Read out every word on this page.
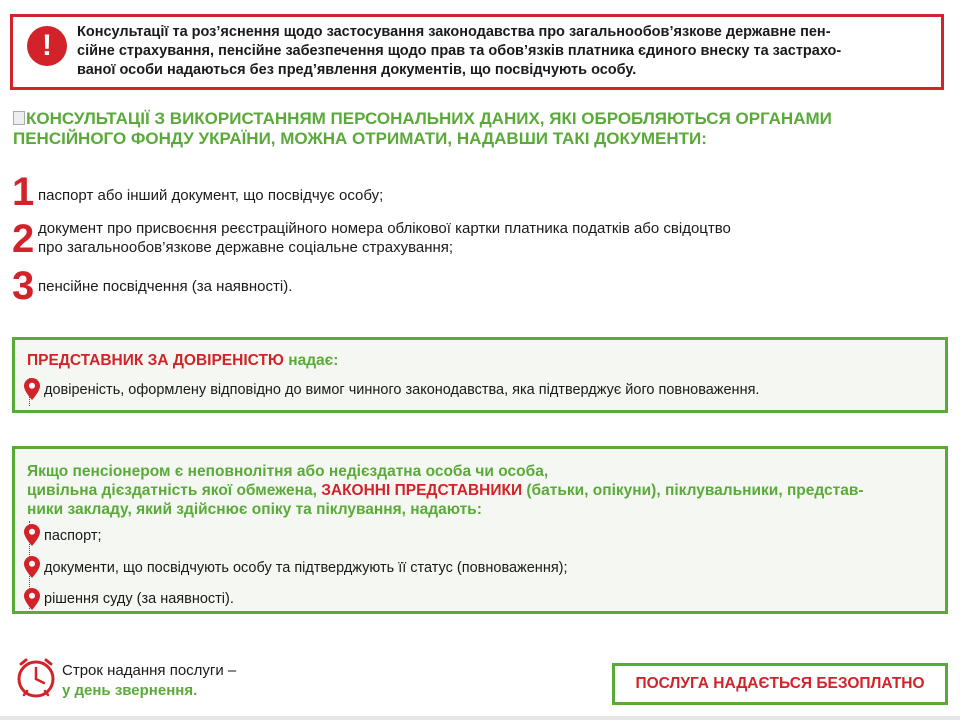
!	Консультації та роз’яснення щодо застосування законодавства про загальнообов’язкове державне пен-
сійне страхування, пенсійне забезпечення щодо прав та обов’язків платника єдиного внеску та застрахо-
ваної особи надаються без пред’явлення документів, що посвідчують особу.
КОНСУЛЬТАЦІЇ З ВИКОРИСТАННЯМ ПЕРСОНАЛЬНИХ ДАНИХ, ЯКІ ОБРОБЛЯЮТЬСЯ ОРГАНАМИ
ПЕНСІЙНОГО ФОНДУ УКРАЇНИ, МОЖНА ОТРИМАТИ, НАДАВШИ ТАКІ ДОКУМЕНТИ:
1 паспорт або інший документ, що посвідчує особу;
2 документ про присвоєння реєстраційного номера облікової картки платника податків або свідоцтво
про загальнообов’язкове державне соціальне страхування;
3 пенсійне посвідчення (за наявності).
ПРЕДСТАВНИК ЗА ДОВІРЕНІСТЮ надає:
довіреність, оформлену відповідно до вимог чинного законодавства, яка підтверджує його повноваження.
Якщо пенсіонером є неповнолітня або недієздатна особа чи особа,
цивільна дієздатність якої обмежена, ЗАКОННІ ПРЕДСТАВНИКИ (батьки, опікуни), піклувальники, представ-
ники закладу, який здійснює опіку та піклування, надають:
паспорт;
документи, що посвідчують особу та підтверджують її статус (повноваження);
рішення суду (за наявності).
Строк надання послуги –
у день звернення.	ПОСЛУГА НАДАЄТЬСЯ БЕЗОПЛАТНО
